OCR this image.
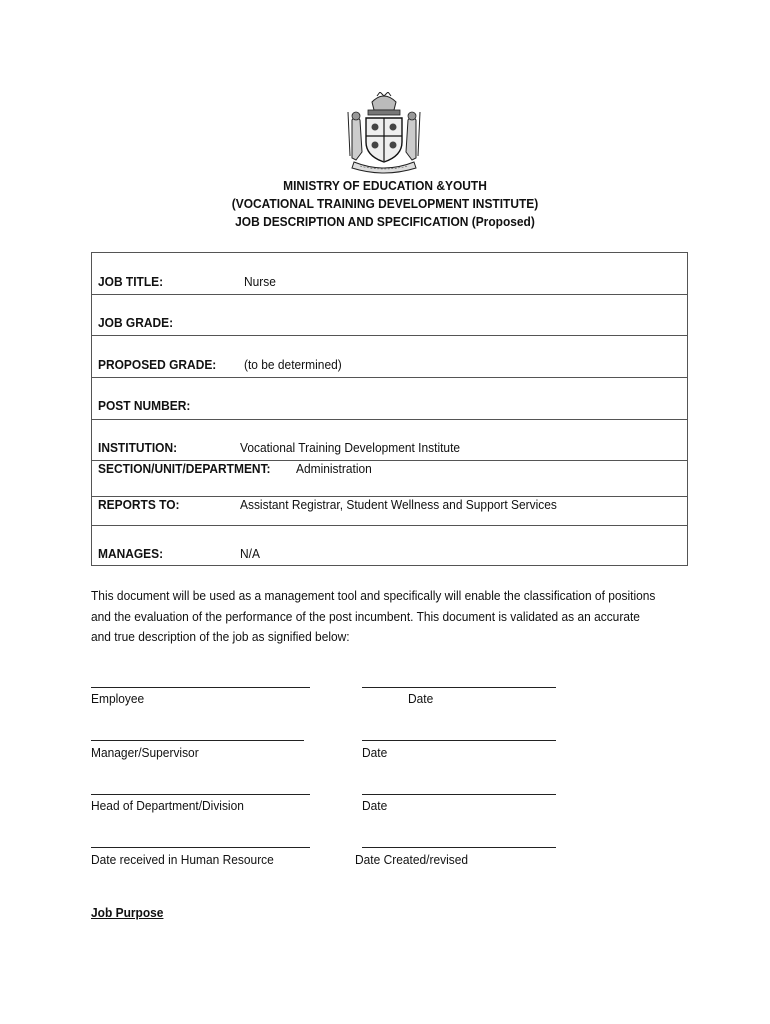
MINISTRY OF EDUCATION &YOUTH
(VOCATIONAL TRAINING DEVELOPMENT INSTITUTE)
JOB DESCRIPTION AND SPECIFICATION (Proposed)
JOB TITLE:	Nurse
JOB GRADE:
PROPOSED GRADE: (to be determined)
POST NUMBER:
INSTITUTION:	Vocational Training Development Institute
SECTION/UNIT/DEPARTMENT: Administration
REPORTS TO:	Assistant Registrar, Student Wellness and Support Services
MANAGES:	N/A
This document will be used as a management tool and specifically will enable the classification of positions
and the evaluation of the performance of the post incumbent. This document is validated as an accurate
and true description of the job as signified below:
Employee	Date
Manager/Supervisor	Date
Head of Department/Division	Date
Date received in Human Resource	Date Created/revised
Job Purpose
